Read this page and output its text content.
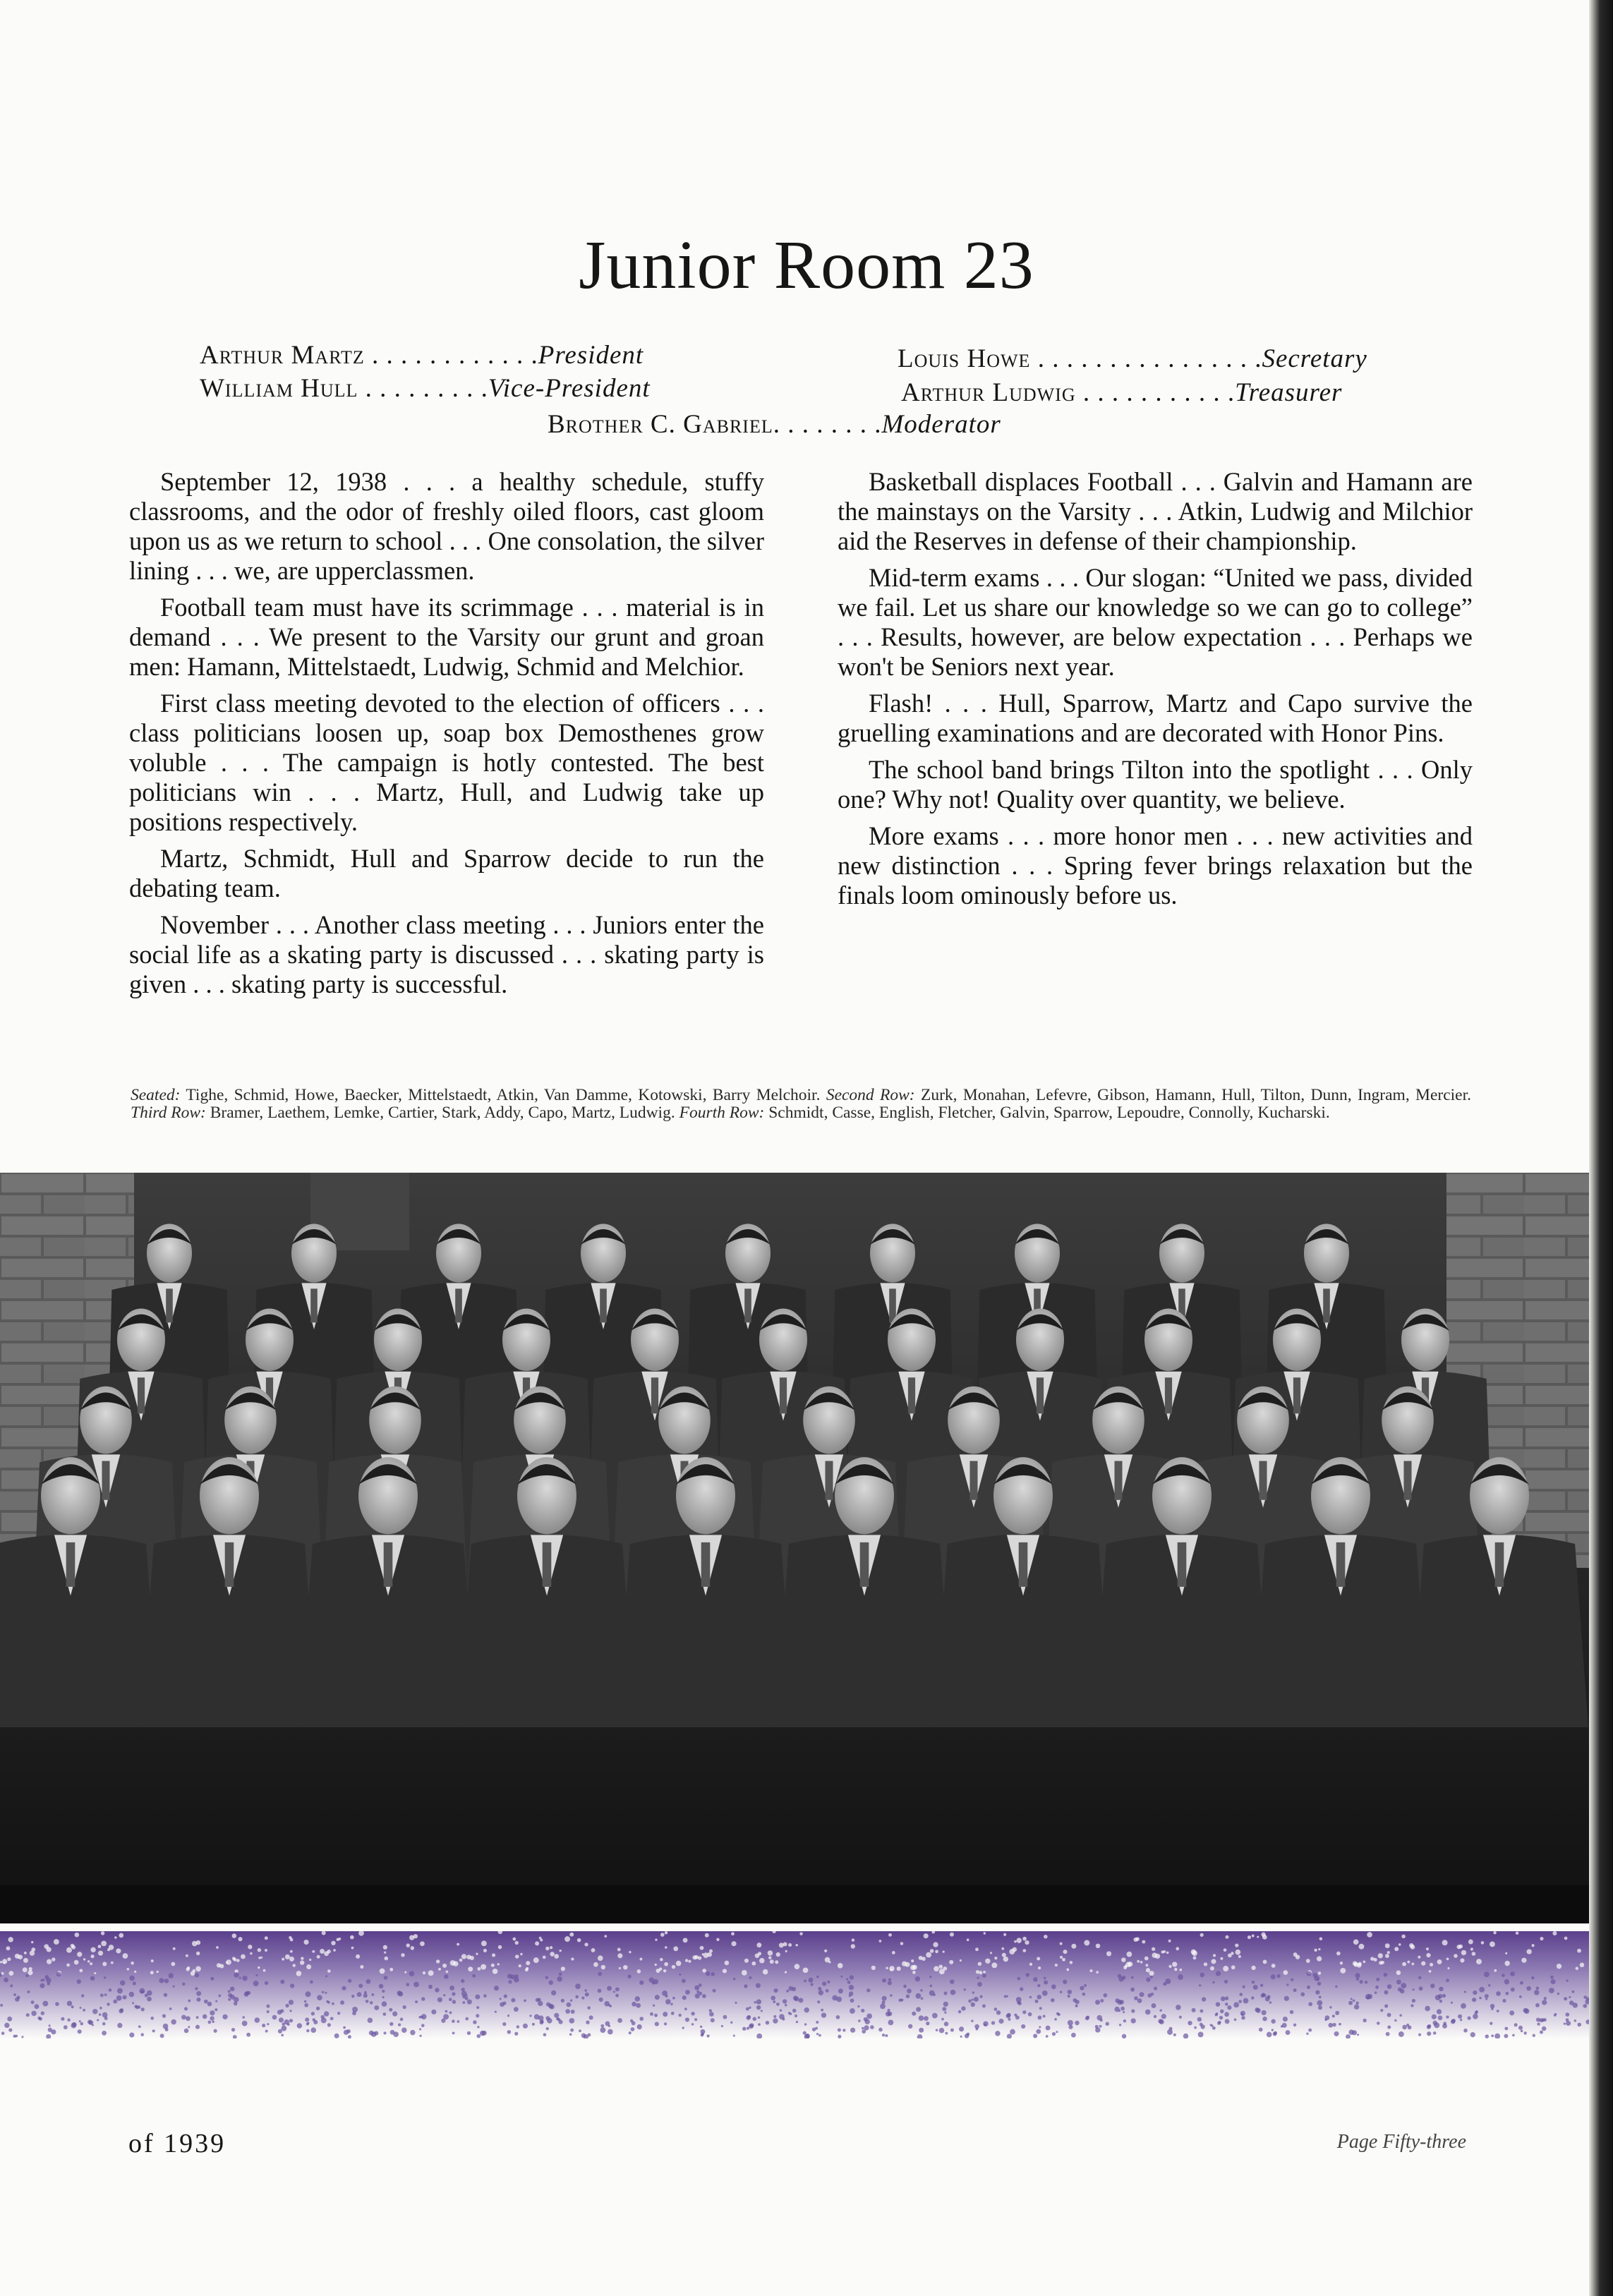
Junior Room 23
Arthur Martz . . . . . . . . . . . .President
William Hull . . . . . . . . .Vice-President
Louis Howe . . . . . . . . . . . . . . . .Secretary
Arthur Ludwig . . . . . . . . . . .Treasurer
Brother C. Gabriel. . . . . . . .Moderator

September 12, 1938 . . . a healthy schedule, stuffy classrooms, and the odor of freshly oiled floors, cast gloom upon us as we return to school . . . One consolation, the silver lining . . . we, are upperclassmen.

Football team must have its scrimmage . . . material is in demand . . . We present to the Varsity our grunt and groan men: Hamann, Mittelstaedt, Ludwig, Schmid and Melchior.

First class meeting devoted to the election of officers . . . class politicians loosen up, soap box Demosthenes grow voluble . . . The campaign is hotly contested. The best politicians win . . . Martz, Hull, and Ludwig take up positions respectively.

Martz, Schmidt, Hull and Sparrow decide to run the debating team.

November . . . Another class meeting . . . Juniors enter the social life as a skating party is discussed . . . skating party is given . . . skating party is successful.

Basketball displaces Football . . . Galvin and Hamann are the mainstays on the Varsity . . . Atkin, Ludwig and Milchior aid the Reserves in defense of their championship.

Mid-term exams . . . Our slogan: “United we pass, divided we fail. Let us share our knowledge so we can go to college” . . . Results, however, are below expectation . . . Perhaps we won't be Seniors next year.

Flash! . . . Hull, Sparrow, Martz and Capo survive the gruelling examinations and are decorated with Honor Pins.

The school band brings Tilton into the spotlight . . . Only one? Why not! Quality over quantity, we believe.

More exams . . . more honor men . . . new activities and new distinction . . . Spring fever brings relaxation but the finals loom ominously before us.

Seated: Tighe, Schmid, Howe, Baecker, Mittelstaedt, Atkin, Van Damme, Kotowski, Barry Melchoir. Second Row: Zurk, Monahan, Lefevre, Gibson, Hamann, Hull, Tilton, Dunn, Ingram, Mercier. Third Row: Bramer, Laethem, Lemke, Cartier, Stark, Addy, Capo, Martz, Ludwig. Fourth Row: Schmidt, Casse, English, Fletcher, Galvin, Sparrow, Lepoudre, Connolly, Kucharski.
of 1939	Page Fifty-three
